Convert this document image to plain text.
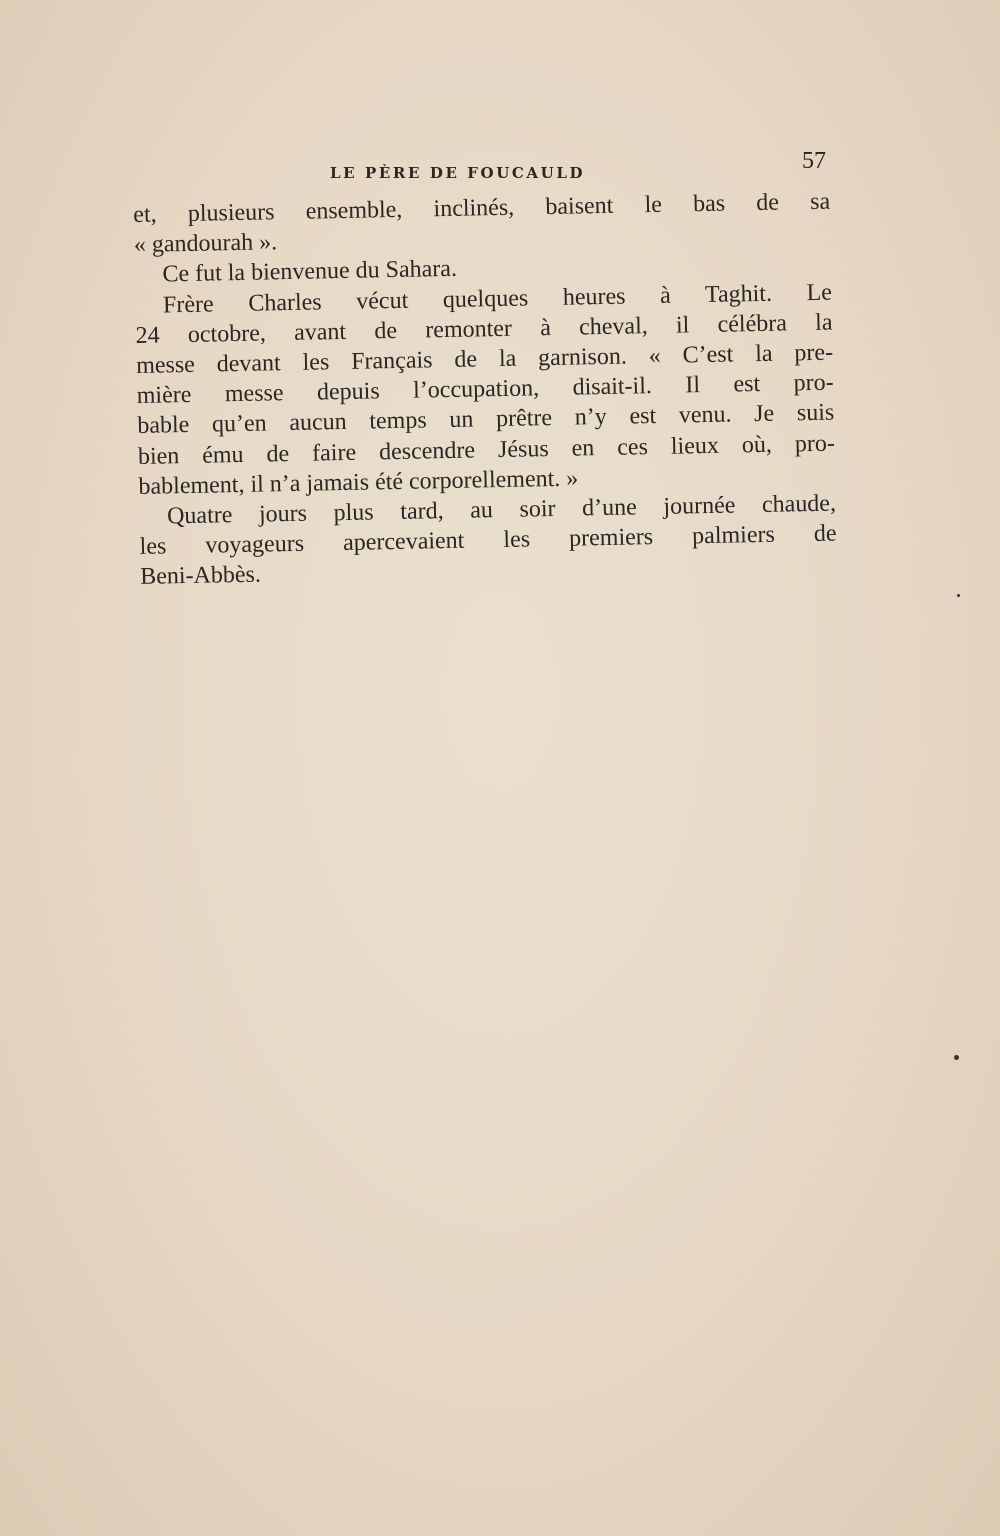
LE PÈRE DE FOUCAULD	57
et, plusieurs ensemble, inclinés, baisent le bas de sa
« gandourah ».
Ce fut la bienvenue du Sahara.
Frère Charles vécut quelques heures à Taghit. Le
24 octobre, avant de remonter à cheval, il célébra la
messe devant les Français de la garnison. « C’est la pre-
mière messe depuis l’occupation, disait-il. Il est pro-
bable qu’en aucun temps un prêtre n’y est venu. Je suis
bien ému de faire descendre Jésus en ces lieux où, pro-
bablement, il n’a jamais été corporellement. »
Quatre jours plus tard, au soir d’une journée chaude,
les voyageurs apercevaient les premiers palmiers de
Beni-Abbès.
